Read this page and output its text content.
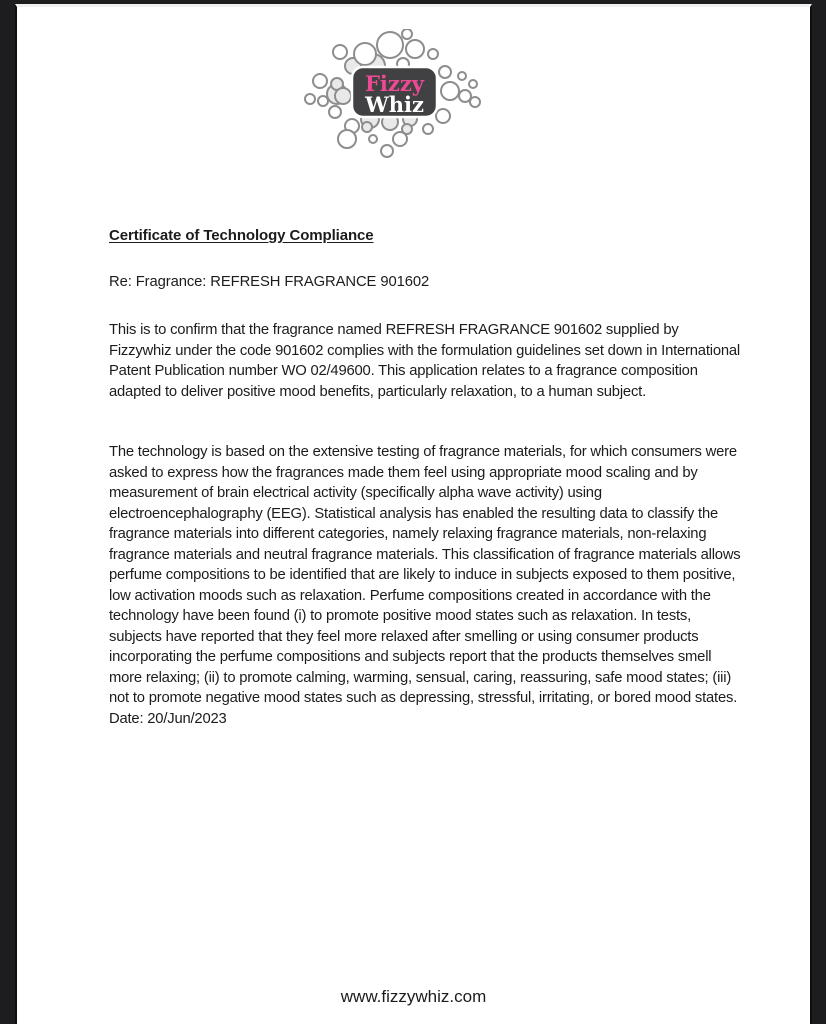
Fizzy
Whiz
Certificate of Technology Compliance
Re: Fragrance: REFRESH FRAGRANCE 901602
This is to confirm that the fragrance named REFRESH FRAGRANCE 901602 supplied by Fizzywhiz under the code 901602 complies with the formulation guidelines set down in International Patent Publication number WO 02/49600. This application relates to a fragrance composition adapted to deliver positive mood benefits, particularly relaxation, to a human subject.
The technology is based on the extensive testing of fragrance materials, for which consumers were asked to express how the fragrances made them feel using appropriate mood scaling and by measurement of brain electrical activity (specifically alpha wave activity) using electroencephalography (EEG). Statistical analysis has enabled the resulting data to classify the fragrance materials into different categories, namely relaxing fragrance materials, non-relaxing fragrance materials and neutral fragrance materials. This classification of fragrance materials allows perfume compositions to be identified that are likely to induce in subjects exposed to them positive, low activation moods such as relaxation. Perfume compositions created in accordance with the technology have been found (i) to promote positive mood states such as relaxation. In tests, subjects have reported that they feel more relaxed after smelling or using consumer products incorporating the perfume compositions and subjects report that the products themselves smell more relaxing; (ii) to promote calming, warming, sensual, caring, reassuring, safe mood states; (iii) not to promote negative mood states such as depressing, stressful, irritating, or bored mood states. Date: 20/Jun/2023
www.fizzywhiz.com
